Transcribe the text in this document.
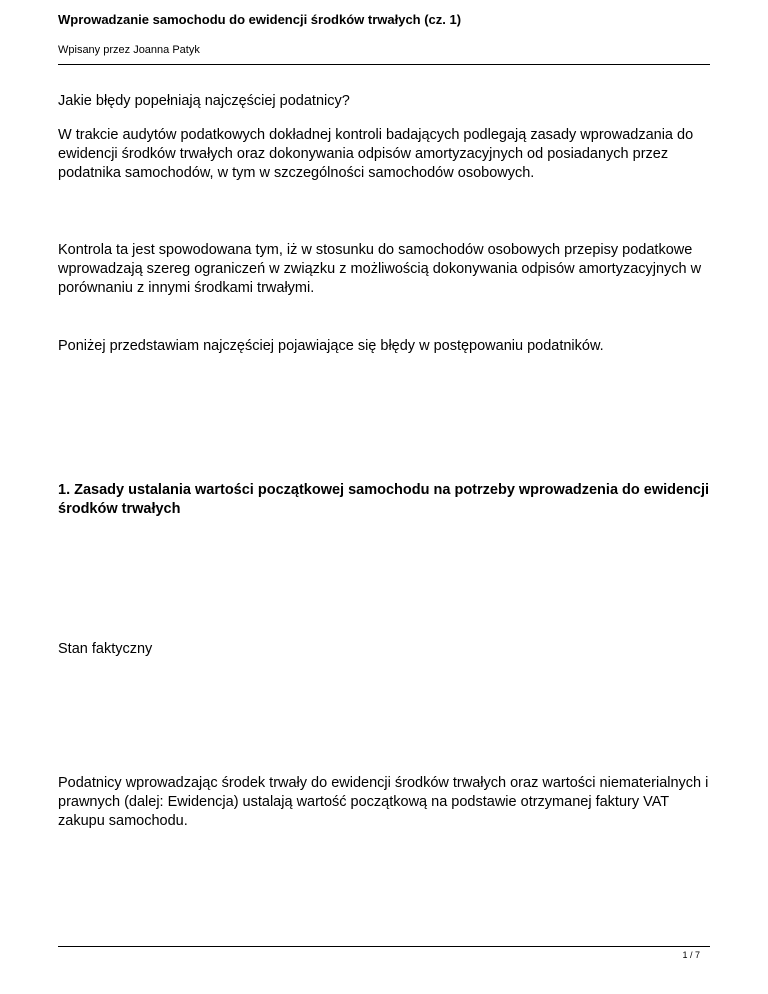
Wprowadzanie samochodu do ewidencji środków trwałych (cz. 1)
Wpisany przez Joanna Patyk

Jakie błędy popełniają najczęściej podatnicy?

W trakcie audytów podatkowych dokładnej kontroli badających podlegają zasady wprowadzania do ewidencji środków trwałych oraz dokonywania odpisów amortyzacyjnych od posiadanych przez podatnika samochodów, w tym w szczególności samochodów osobowych.

Kontrola ta jest spowodowana tym, iż w stosunku do samochodów osobowych przepisy podatkowe wprowadzają szereg ograniczeń w związku z możliwością dokonywania odpisów amortyzacyjnych w porównaniu z innymi środkami trwałymi.

Poniżej przedstawiam najczęściej pojawiające się błędy w postępowaniu podatników.

1. Zasady ustalania wartości początkowej samochodu na potrzeby wprowadzenia do ewidencji środków trwałych

Stan faktyczny

Podatnicy wprowadzając środek trwały do ewidencji środków trwałych oraz wartości niematerialnych i prawnych (dalej: Ewidencja) ustalają wartość początkową na podstawie otrzymanej faktury VAT zakupu samochodu.

1 / 7
